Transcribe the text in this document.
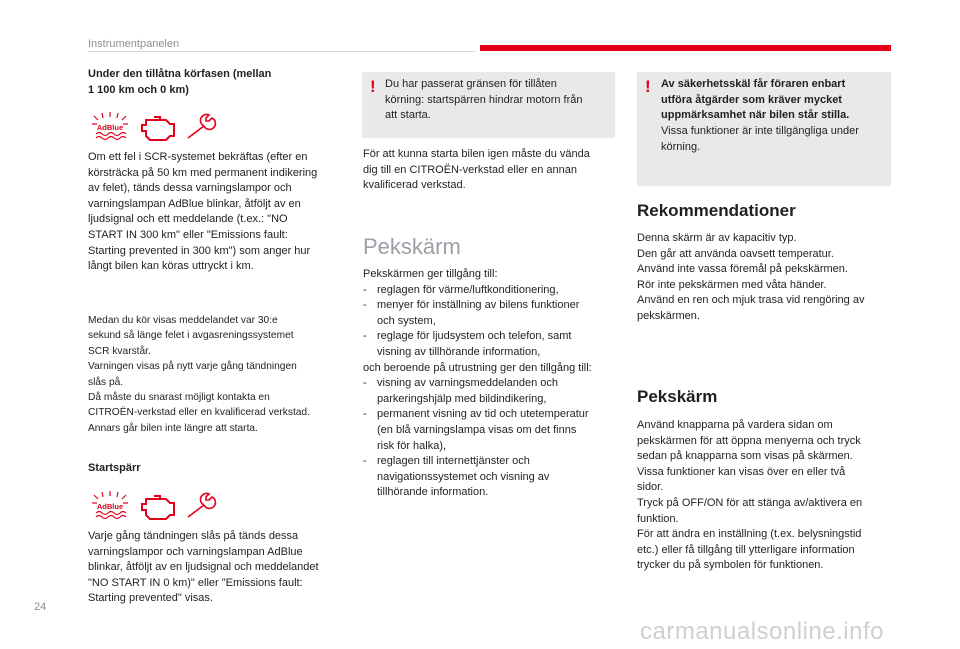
Instrumentpanelen
Under den tillåtna körfasen (mellan
1 100 km och 0 km)
AdBlue
Om ett fel i SCR-systemet bekräftas (efter en
körsträcka på 50 km med permanent indikering
av felet), tänds dessa varningslampor och
varningslampan AdBlue blinkar, åtföljt av en
ljudsignal och ett meddelande (t.ex.: "NO
START IN 300 km" eller "Emissions fault:
Starting prevented in 300 km") som anger hur
långt bilen kan köras uttryckt i km.
Medan du kör visas meddelandet var 30:e
sekund så länge felet i avgasreningssystemet
SCR kvarstår.
Varningen visas på nytt varje gång tändningen
slås på.
Då måste du snarast möjligt kontakta en
CITROËN-verkstad eller en kvalificerad verkstad.
Annars går bilen inte längre att starta.
Startspärr
AdBlue
Varje gång tändningen slås på tänds dessa
varningslampor och varningslampan AdBlue
blinkar, åtföljt av en ljudsignal och meddelandet
"NO START IN 0 km)" eller "Emissions fault:
Starting prevented" visas.
! Du har passerat gränsen för tillåten
körning: startspärren hindrar motorn från
att starta.
För att kunna starta bilen igen måste du vända
dig till en CITROËN-verkstad eller en annan
kvalificerad verkstad.
Pekskärm
Pekskärmen ger tillgång till:
- reglagen för värme/luftkonditionering,
- menyer för inställning av bilens funktioner
och system,
- reglage för ljudsystem och telefon, samt
visning av tillhörande information,
och beroende på utrustning ger den tillgång till:
- visning av varningsmeddelanden och
parkeringshjälp med bildindikering,
- permanent visning av tid och utetemperatur
(en blå varningslampa visas om det finns
risk för halka),
- reglagen till internettjänster och
navigationssystemet och visning av
tillhörande information.
! Av säkerhetsskäl får föraren enbart
utföra åtgärder som kräver mycket
uppmärksamhet när bilen står stilla.
Vissa funktioner är inte tillgängliga under
körning.
Rekommendationer
Denna skärm är av kapacitiv typ.
Den går att använda oavsett temperatur.
Använd inte vassa föremål på pekskärmen.
Rör inte pekskärmen med våta händer.
Använd en ren och mjuk trasa vid rengöring av
pekskärmen.
Pekskärm
Använd knapparna på vardera sidan om
pekskärmen för att öppna menyerna och tryck
sedan på knapparna som visas på skärmen.
Vissa funktioner kan visas över en eller två
sidor.
Tryck på OFF/ON för att stänga av/aktivera en
funktion.
För att ändra en inställning (t.ex. belysningstid
etc.) eller få tillgång till ytterligare information
trycker du på symbolen för funktionen.
24
carmanualsonline.info
